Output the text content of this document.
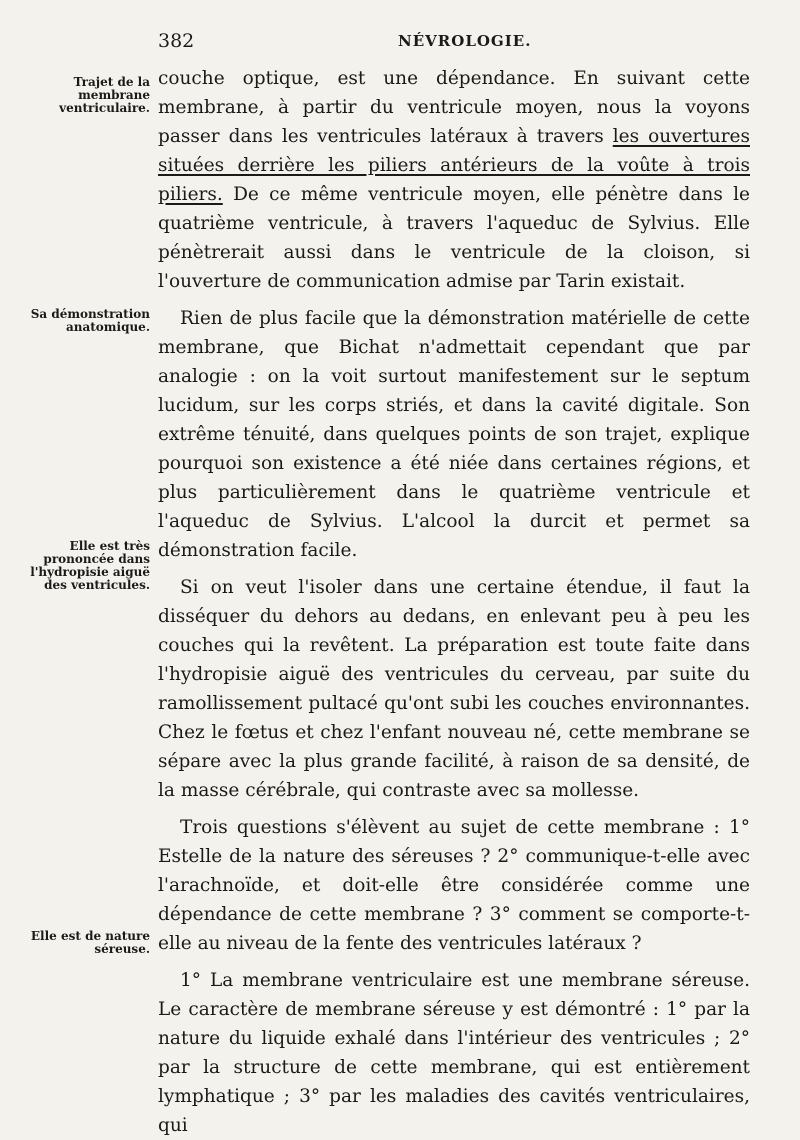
382	NÉVROLOGIE.
Trajet de la membrane ventriculaire.
Sa démonstration anatomique.
Elle est très prononcée dans l'hydropisie aiguë des ventricules.
Elle est de nature séreuse.

couche optique, est une dépendance. En suivant cette membrane, à partir du ventricule moyen, nous la voyons passer dans les ventricules latéraux à travers les ouvertures situées derrière les piliers antérieurs de la voûte à trois piliers. De ce même ventricule moyen, elle pénètre dans le quatrième ventricule, à travers l'aqueduc de Sylvius. Elle pénètrerait aussi dans le ventricule de la cloison, si l'ouverture de communication admise par Tarin existait.

Rien de plus facile que la démonstration matérielle de cette membrane, que Bichat n'admettait cependant que par analogie : on la voit surtout manifestement sur le septum lucidum, sur les corps striés, et dans la cavité digitale. Son extrême ténuité, dans quelques points de son trajet, explique pourquoi son existence a été niée dans certaines régions, et plus particulièrement dans le quatrième ventricule et l'aqueduc de Sylvius. L'alcool la durcit et permet sa démonstration facile.

Si on veut l'isoler dans une certaine étendue, il faut la disséquer du dehors au dedans, en enlevant peu à peu les couches qui la revêtent. La préparation est toute faite dans l'hydropisie aiguë des ventricules du cerveau, par suite du ramollissement pultacé qu'ont subi les couches environnantes. Chez le fœtus et chez l'enfant nouveau né, cette membrane se sépare avec la plus grande facilité, à raison de sa densité, de la masse cérébrale, qui contraste avec sa mollesse.

Trois questions s'élèvent au sujet de cette membrane : 1° Estelle de la nature des séreuses ? 2° communique-t-elle avec l'arachnoïde, et doit-elle être considérée comme une dépendance de cette membrane ? 3° comment se comporte-t-elle au niveau de la fente des ventricules latéraux ?

1° La membrane ventriculaire est une membrane séreuse. Le caractère de membrane séreuse y est démontré : 1° par la nature du liquide exhalé dans l'intérieur des ventricules ; 2° par la structure de cette membrane, qui est entièrement lymphatique ; 3° par les maladies des cavités ventriculaires, qui
